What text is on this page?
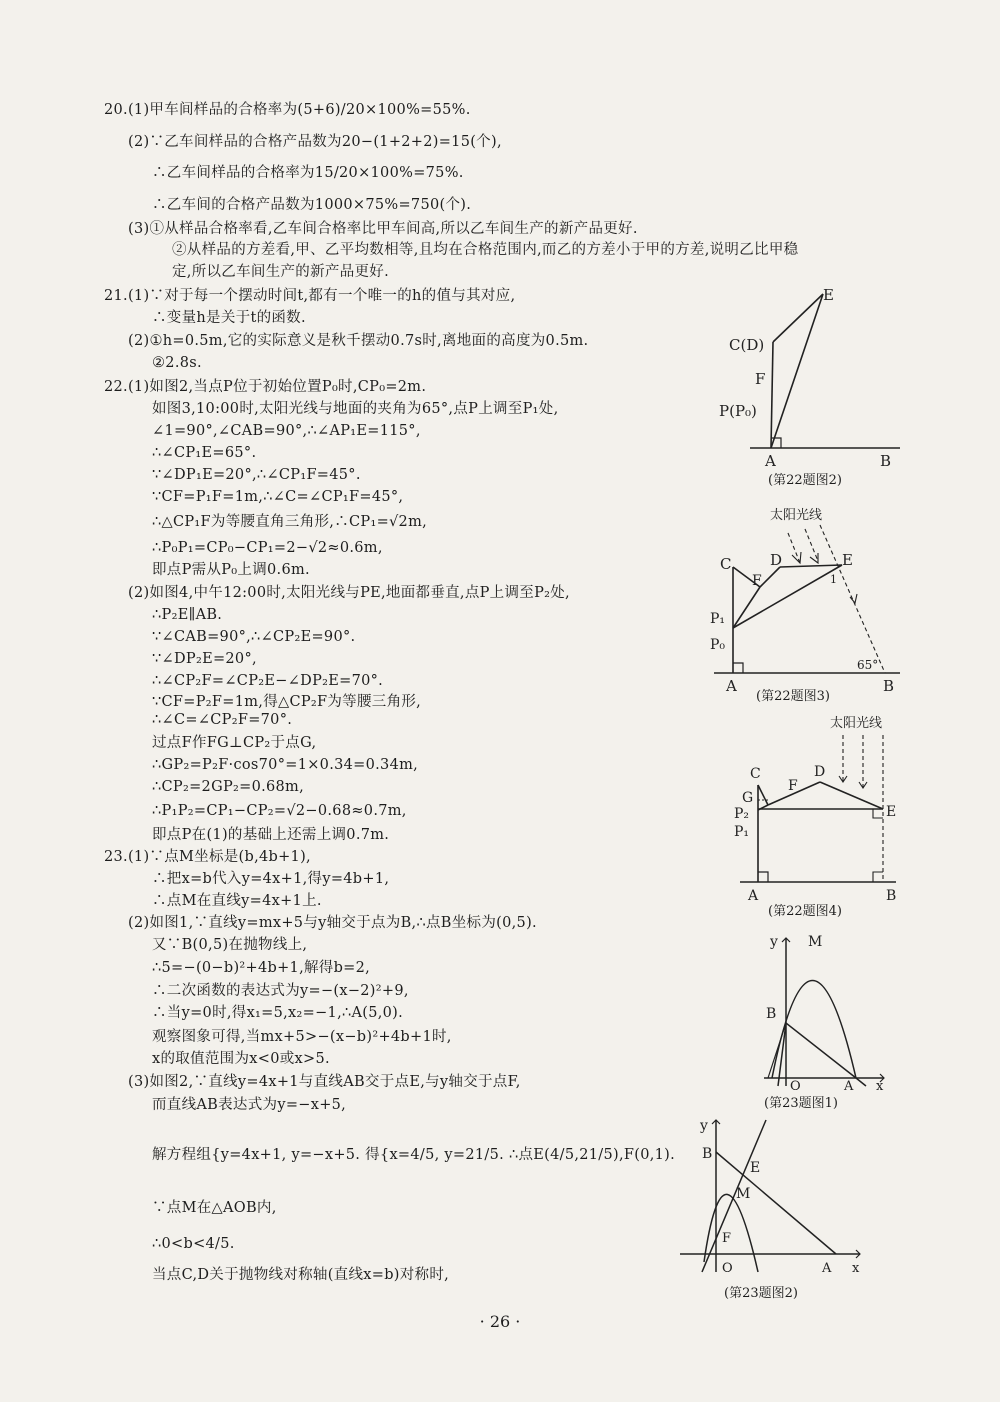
20.(1)甲车间样品的合格率为(5+6)/20×100%=55%.
(2)∵乙车间样品的合格产品数为20−(1+2+2)=15(个),
∴乙车间样品的合格率为15/20×100%=75%.
∴乙车间的合格产品数为1000×75%=750(个).
(3)①从样品合格率看,乙车间合格率比甲车间高,所以乙车间生产的新产品更好.
②从样品的方差看,甲、乙平均数相等,且均在合格范围内,而乙的方差小于甲的方差,说明乙比甲稳
定,所以乙车间生产的新产品更好.
21.(1)∵对于每一个摆动时间t,都有一个唯一的h的值与其对应,
∴变量h是关于t的函数.
(2)①h=0.5m,它的实际意义是秋千摆动0.7s时,离地面的高度为0.5m.
②2.8s.
22.(1)如图2,当点P位于初始位置P₀时,CP₀=2m.
如图3,10:00时,太阳光线与地面的夹角为65°,点P上调至P₁处,
∠1=90°,∠CAB=90°,∴∠AP₁E=115°,
∴∠CP₁E=65°.
∵∠DP₁E=20°,∴∠CP₁F=45°.
∵CF=P₁F=1m,∴∠C=∠CP₁F=45°,
∴△CP₁F为等腰直角三角形,∴CP₁=√2m,
∴P₀P₁=CP₀−CP₁=2−√2≈0.6m,
即点P需从P₀上调0.6m.
(2)如图4,中午12:00时,太阳光线与PE,地面都垂直,点P上调至P₂处,
∴P₂E∥AB.
∵∠CAB=90°,∴∠CP₂E=90°.
∵∠DP₂E=20°,
∴∠CP₂F=∠CP₂E−∠DP₂E=70°.
∵CF=P₂F=1m,得△CP₂F为等腰三角形,
∴∠C=∠CP₂F=70°.
过点F作FG⊥CP₂于点G,
∴GP₂=P₂F·cos70°=1×0.34=0.34m,
∴CP₂=2GP₂=0.68m,
∴P₁P₂=CP₁−CP₂=√2−0.68≈0.7m,
即点P在(1)的基础上还需上调0.7m.
23.(1)∵点M坐标是(b,4b+1),
∴把x=b代入y=4x+1,得y=4b+1,
∴点M在直线y=4x+1上.
(2)如图1,∵直线y=mx+5与y轴交于点为B,∴点B坐标为(0,5).
又∵B(0,5)在抛物线上,
∴5=−(0−b)²+4b+1,解得b=2,
∴二次函数的表达式为y=−(x−2)²+9,
∴当y=0时,得x₁=5,x₂=−1,∴A(5,0).
观察图象可得,当mx+5>−(x−b)²+4b+1时,
x的取值范围为x<0或x>5.
(3)如图2,∵直线y=4x+1与直线AB交于点E,与y轴交于点F,
而直线AB表达式为y=−x+5,
解方程组{y=4x+1, y=−x+5. 得{x=4/5, y=21/5. ∴点E(4/5,21/5),F(0,1).
∵点M在△AOB内,
∴0<b<4/5.
当点C,D关于抛物线对称轴(直线x=b)对称时,
E
C(D)
F
P(P₀)
A	B
(第22题图2)
太阳光线
C	D	E
F	1
P₁
P₀
65°
A	B
(第22题图3)
太阳光线
C
F
D
G
P₂
P₁
E
A	B
(第22题图4)
y M
B
O	A x
(第23题图1)
y
B
E
M
F
O	A x
(第23题图2)
· 26 ·
